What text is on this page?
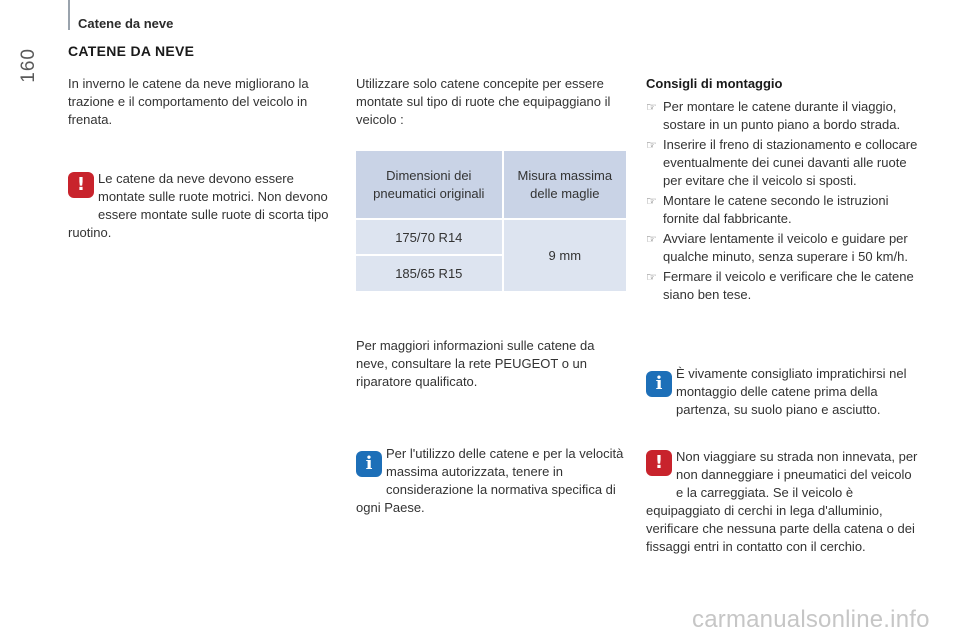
160
Catene da neve
CATENE DA NEVE

In inverno le catene da neve migliorano la trazione e il comportamento del veicolo in frenata.

! Le catene da neve devono essere montate sulle ruote motrici. Non devono essere montate sulle ruote di scorta tipo ruotino.

Utilizzare solo catene concepite per essere montate sul tipo di ruote che equipaggiano il veicolo :

Dimensioni dei pneumatici originali	Misura massima delle maglie
175/70 R14	9 mm
185/65 R15	

Per maggiori informazioni sulle catene da neve, consultare la rete PEUGEOT o un riparatore qualificato.

i	Per l'utilizzo delle catene e per la velocità massima autorizzata, tenere in considerazione la normativa specifica di ogni Paese.
Consigli di montaggio
☞ Per montare le catene durante il viaggio, sostare in un punto piano a bordo strada.
☞ Inserire il freno di stazionamento e collocare eventualmente dei cunei davanti alle ruote per evitare che il veicolo si sposti.
☞ Montare le catene secondo le istruzioni fornite dal fabbricante.
☞ Avviare lentamente il veicolo e guidare per qualche minuto, senza superare i 50 km/h.
☞ Fermare il veicolo e verificare che le catene siano ben tese.
i	È vivamente consigliato impratichirsi nel montaggio delle catene prima della partenza, su suolo piano e asciutto.
! Non viaggiare su strada non innevata, per non danneggiare i pneumatici del veicolo e la carreggiata. Se il veicolo è equipaggiato di cerchi in lega d'alluminio, verificare che nessuna parte della catena o dei fissaggi entri in contatto con il cerchio.
carmanualsonline.info
